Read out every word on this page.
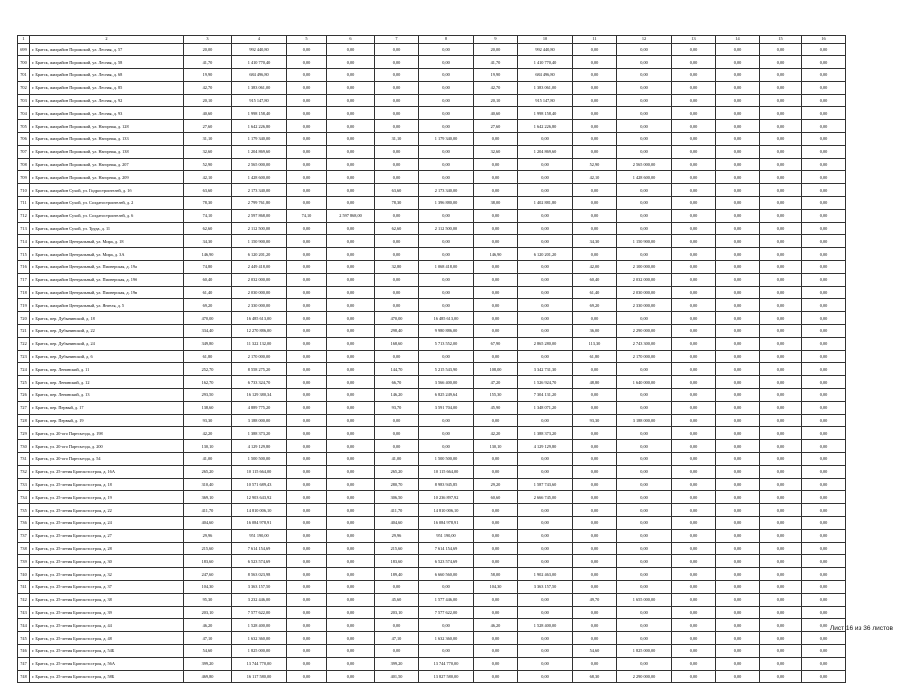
1	2	3	4	5	6	7	8	9	10	11	12	13	14	15	16
699	г. Братск, жилрайон Порожский, ул. Лесная, д. 57	20,00	992 440,80	0,00	0,00	0,00	0,00	20,00	992 440,80	0,00	0,00	0,00	0,00	0,00	0,00
700	г. Братск, жилрайон Порожский, ул. Лесная, д. 58	41,70	1 410 770,40	0,00	0,00	0,00	0,00	41,70	1 410 770,40	0,00	0,00	0,00	0,00	0,00	0,00
701	г. Братск, жилрайон Порожский, ул. Лесная, д. 68	19,90	684 496,80	0,00	0,00	0,00	0,00	19,90	684 496,80	0,00	0,00	0,00	0,00	0,00	0,00
702	г. Братск, жилрайон Порожский, ул. Лесная, д. 85	42,70	1 383 061,00	0,00	0,00	0,00	0,00	42,70	1 383 061,00	0,00	0,00	0,00	0,00	0,00	0,00
703	г. Братск, жилрайон Порожский, ул. Лесная, д. 92	20,10	915 147,80	0,00	0,00	0,00	0,00	20,10	915 147,80	0,00	0,00	0,00	0,00	0,00	0,00
704	г. Братск, жилрайон Порожский, ул. Лесная, д. 93	40,60	1 998 158,40	0,00	0,00	0,00	0,00	40,60	1 998 158,40	0,00	0,00	0,00	0,00	0,00	0,00
705	г. Братск, жилрайон Порожский, ул. Нагорная, д. 128	27,60	1 642 226,80	0,00	0,00	0,00	0,00	27,60	1 642 226,80	0,00	0,00	0,00	0,00	0,00	0,00
706	г. Братск, жилрайон Порожский, ул. Нагорная, д. 133	31,10	1 179 340,00	0,00	0,00	31,10	1 179 340,00	0,00	0,00	0,00	0,00	0,00	0,00	0,00	0,00
707	г. Братск, жилрайон Порожский, ул. Нагорная, д. 138	32,60	1 204 869,60	0,00	0,00	0,00	0,00	32,60	1 204 869,60	0,00	0,00	0,00	0,00	0,00	0,00
708	г. Братск, жилрайон Порожский, ул. Нагорная, д. 207	52,90	2 565 000,00	0,00	0,00	0,00	0,00	0,00	0,00	52,90	2 565 000,00	0,00	0,00	0,00	0,00
709	г. Братск, жилрайон Порожский, ул. Нагорная, д. 209	42,10	1 428 600,00	0,00	0,00	0,00	0,00	0,00	0,00	42,10	1 428 600,00	0,00	0,00	0,00	0,00
710	г. Братск, жилрайон Сухой, ул. Гидростроителей, д. 1б	63,60	2 173 340,00	0,00	0,00	63,60	2 173 340,00	0,00	0,00	0,00	0,00	0,00	0,00	0,00	0,00
711	г. Братск, жилрайон Сухой, ул. Солдатостроителей, д. 2	78,30	2 799 761,80	0,00	0,00	78,30	1 396 880,00	38,00	1 402 881,80	0,00	0,00	0,00	0,00	0,00	0,00
712	г. Братск, жилрайон Сухой, ул. Солдатостроителей, д. 6	74,10	2 597 868,00	74,10	2 597 868,00	0,00	0,00	0,00	0,00	0,00	0,00	0,00	0,00	0,00	0,00
713	г. Братск, жилрайон Сухой, ул. Труда, д. 11	62,60	2 112 500,00	0,00	0,00	62,60	2 112 500,00	0,00	0,00	0,00	0,00	0,00	0,00	0,00	0,00
714	г. Братск, жилрайон Центральный, ул. Мира, д. 18	34,30	1 150 900,00	0,00	0,00	0,00	0,00	0,00	0,00	34,30	1 150 900,00	0,00	0,00	0,00	0,00
715	г. Братск, жилрайон Центральный, ул. Мира, д. 3А	146,90	6 120 201,20	0,00	0,00	0,00	0,00	146,90	6 120 201,20	0,00	0,00	0,00	0,00	0,00	0,00
716	г. Братск, жилрайон Центральный, ул. Пионерская, д. 19а	74,80	2 449 418,00	0,00	0,00	32,80	1 068 418,00	0,00	0,00	42,00	2 100 000,00	0,00	0,00	0,00	0,00
717	г. Братск, жилрайон Центральный, ул. Пионерская, д. 19б	60,40	2 032 000,00	0,00	0,00	0,00	0,00	0,00	0,00	60,40	2 032 000,00	0,00	0,00	0,00	0,00
718	г. Братск, жилрайон Центральный, ул. Пионерская, д. 19в	61,40	2 030 000,00	0,00	0,00	0,00	0,00	0,00	0,00	61,40	2 030 000,00	0,00	0,00	0,00	0,00
719	г. Братск, жилрайон Центральный, ул. Янгеля, д. 5	69,20	2 330 000,00	0,00	0,00	0,00	0,00	0,00	0,00	69,20	2 330 000,00	0,00	0,00	0,00	0,00
720	г. Братск, пер. Дубынинский, д. 18	470,00	16 485 613,00	0,00	0,00	470,00	16 485 613,00	0,00	0,00	0,00	0,00	0,00	0,00	0,00	0,00
721	г. Братск, пер. Дубынинский, д. 22	334,40	12 270 886,00	0,00	0,00	298,40	9 980 886,00	0,00	0,00	36,00	2 290 000,00	0,00	0,00	0,00	0,00
722	г. Братск, пер. Дубынинский, д. 24	349,80	11 322 132,00	0,00	0,00	168,60	5 713 552,00	67,90	2 865 280,00	113,30	2 743 300,00	0,00	0,00	0,00	0,00
723	г. Братск, пер. Дубынинский, д. 6	61,80	2 170 000,00	0,00	0,00	0,00	0,00	0,00	0,00	61,80	2 170 000,00	0,00	0,00	0,00	0,00
724	г. Братск, пер. Ленинский, д. 11	252,70	8 558 275,20	0,00	0,00	144,70	5 215 543,90	108,00	3 342 731,30	0,00	0,00	0,00	0,00	0,00	0,00
725	г. Братск, пер. Ленинский, д. 12	162,70	6 733 324,70	0,00	0,00	66,70	3 566 400,00	47,20	1 526 924,70	48,80	1 640 000,00	0,00	0,00	0,00	0,00
726	г. Братск, пер. Ленинский, д. 13	293,50	16 129 380,34	0,00	0,00	146,20	6 825 249,64	155,30	7 304 131,20	0,00	0,00	0,00	0,00	0,00	0,00
727	г. Братск, пер. Первый, д. 17	138,60	4 889 775,20	0,00	0,00	93,70	3 591 704,00	45,90	1 348 071,20	0,00	0,00	0,00	0,00	0,00	0,00
728	г. Братск, пер. Первый, д. 19	93,30	3 188 000,00	0,00	0,00	0,00	0,00	0,00	0,00	93,30	3 188 000,00	0,00	0,00	0,00	0,00
729	г. Братск, ул. 20-ого Партсъезда, д. 198	42,20	1 388 373,20	0,00	0,00	0,00	0,00	42,20	1 388 373,20	0,00	0,00	0,00	0,00	0,00	0,00
730	г. Братск, ул. 20-ого Партсъезда, д. 200	130,10	4 129 129,80	0,00	0,00	0,00	0,00	130,10	4 129 129,80	0,00	0,00	0,00	0,00	0,00	0,00
731	г. Братск, ул. 20-ого Партсъезда, д. 54	41,00	1 500 500,00	0,00	0,00	41,00	1 500 500,00	0,00	0,00	0,00	0,00	0,00	0,00	0,00	0,00
732	г. Братск, ул. 25-летия Братскгэсстроя, д. 16А	265,20	10 115 664,00	0,00	0,00	265,20	10 115 664,00	0,00	0,00	0,00	0,00	0,00	0,00	0,00	0,00
733	г. Братск, ул. 25-летия Братскгэсстроя, д. 18	310,40	10 571 689,43	0,00	0,00	280,70	8 983 945,85	29,20	1 587 743,60	0,00	0,00	0,00	0,00	0,00	0,00
734	г. Братск, ул. 25-летия Братскгэсстроя, д. 19	369,10	12 903 643,92	0,00	0,00	306,50	10 236 897,92	60,60	2 666 745,00	0,00	0,00	0,00	0,00	0,00	0,00
735	г. Братск, ул. 25-летия Братскгэсстроя, д. 22	411,70	14 810 006,10	0,00	0,00	411,70	14 810 006,10	0,00	0,00	0,00	0,00	0,00	0,00	0,00	0,00
736	г. Братск, ул. 25-летия Братскгэсстроя, д. 24	404,60	16 084 978,91	0,00	0,00	404,60	16 084 978,91	0,00	0,00	0,00	0,00	0,00	0,00	0,00	0,00
737	г. Братск, ул. 25-летия Братскгэсстроя, д. 27	29,96	951 190,00	0,00	0,00	29,96	951 190,00	0,00	0,00	0,00	0,00	0,00	0,00	0,00	0,00
738	г. Братск, ул. 25-летия Братскгэсстроя, д. 28	215,60	7 614 154,69	0,00	0,00	215,60	7 614 154,69	0,00	0,00	0,00	0,00	0,00	0,00	0,00	0,00
739	г. Братск, ул. 25-летия Братскгэсстроя, д. 30	183,60	6 523 574,69	0,00	0,00	183,60	6 523 574,69	0,00	0,00	0,00	0,00	0,00	0,00	0,00	0,00
740	г. Братск, ул. 25-летия Братскгэсстроя, д. 32	247,60	8 563 023,98	0,00	0,00	189,40	6 660 560,00	58,00	1 902 463,00	0,00	0,00	0,00	0,00	0,00	0,00
741	г. Братск, ул. 25-летия Братскгэсстроя, д. 37	104,30	3 363 157,50	0,00	0,00	0,00	0,00	104,30	3 363 157,50	0,00	0,00	0,00	0,00	0,00	0,00
742	г. Братск, ул. 25-летия Братскгэсстроя, д. 38	95,30	3 232 446,00	0,00	0,00	45,60	1 577 446,00	0,00	0,00	49,70	1 655 000,00	0,00	0,00	0,00	0,00
743	г. Братск, ул. 25-летия Братскгэсстроя, д. 39	203,10	7 577 622,00	0,00	0,00	203,10	7 577 622,00	0,00	0,00	0,00	0,00	0,00	0,00	0,00	0,00
744	г. Братск, ул. 25-летия Братскгэсстроя, д. 44	46,20	1 528 400,00	0,00	0,00	0,00	0,00	46,20	1 528 400,00	0,00	0,00	0,00	0,00	0,00	0,00
745	г. Братск, ул. 25-летия Братскгэсстроя, д. 48	47,10	1 632 360,00	0,00	0,00	47,10	1 632 360,00	0,00	0,00	0,00	0,00	0,00	0,00	0,00	0,00
746	г. Братск, ул. 25-летия Братскгэсстроя, д. 54Б	54,60	1 825 000,00	0,00	0,00	0,00	0,00	0,00	0,00	54,60	1 825 000,00	0,00	0,00	0,00	0,00
747	г. Братск, ул. 25-летия Братскгэсстроя, д. 56А	399,20	13 744 770,00	0,00	0,00	399,20	13 744 770,00	0,00	0,00	0,00	0,00	0,00	0,00	0,00	0,00
748	г. Братск, ул. 25-летия Братскгэсстроя, д. 58Б	469,80	16 117 580,00	0,00	0,00	401,50	13 827 580,00	0,00	0,00	68,30	2 290 000,00	0,00	0,00	0,00	0,00
Лист 16 из 36 листов
